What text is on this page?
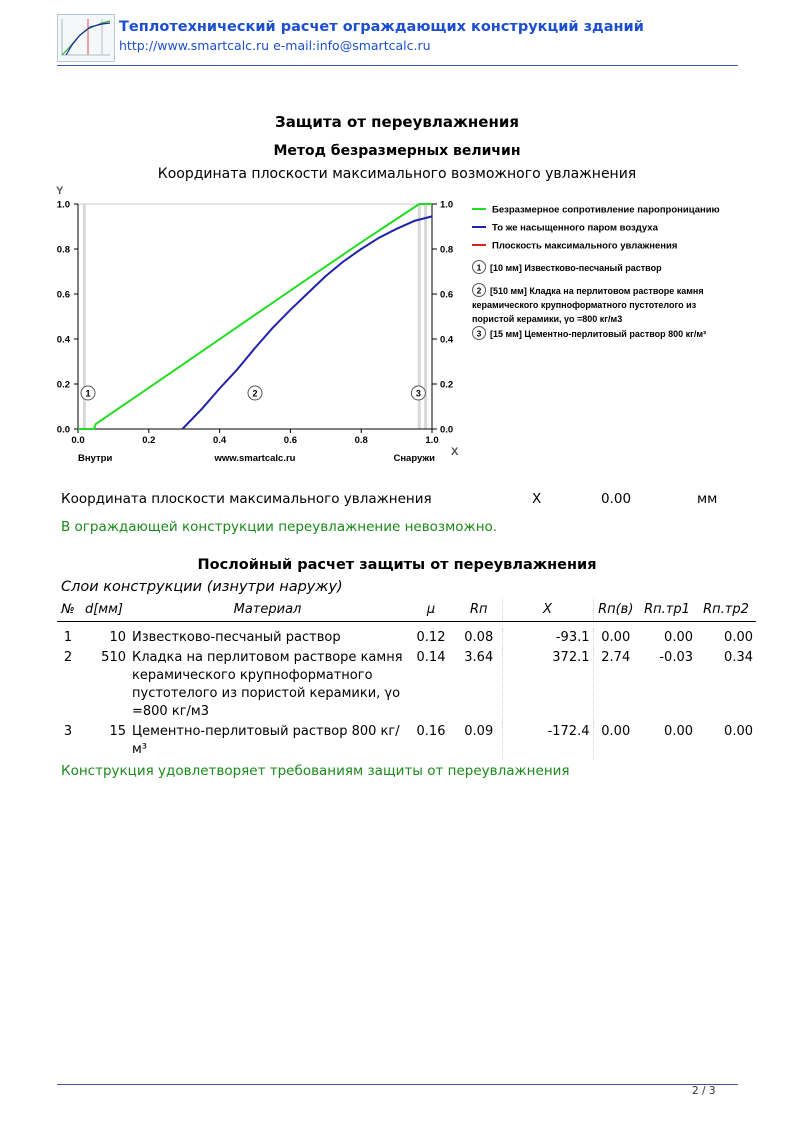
Теплотехнический расчет ограждающих конструкций зданий
http://www.smartcalc.ru e-mail:info@smartcalc.ru
Защита от переувлажнения
Метод безразмерных величин
Координата плоскости максимального возможного увлажнения
0.0	0.0
0.2	0.2
0.4	0.4
0.6	0.6
0.8	0.8
1.0	1.0
0.0	0.2	0.4	0.6	0.8	1.0
Y
X
Внутри	www.smartcalc.ru	Снаружи
1	2	3
Безразмерное сопротивление паропроницанию
То же насыщенного паром воздуха
Плоскость максимального увлажнения
1 [10 мм] Известково-песчаный раствор
2 [510 мм] Кладка на перлитовом растворе камня керамического крупноформатного пустотелого из пористой керамики, γо =800 кг/м3
3 [15 мм] Цементно-перлитовый раствор 800 кг/м³
Координата плоскости максимального увлажнения	X	0.00	мм
В ограждающей конструкции переувлажнение невозможно.
Послойный расчет защиты от переувлажнения
Слои конструкции (изнутри наружу)
№	d[мм]	Материал	μ	Rп	X	Rп(в)	Rп.тр1	Rп.тр2

1	10	Известково-песчаный раствор	0.12	0.08	-93.1	0.00	0.00	0.00
2	510	Кладка на перлитовом растворе камня керамического крупноформатного пустотелого из пористой керамики, γо =800 кг/м3	0.14	3.64	372.1	2.74	-0.03	0.34
3	15	Цементно-перлитовый раствор 800 кг/м³	0.16	0.09	-172.4	0.00	0.00	0.00
Конструкция удовлетворяет требованиям защиты от переувлажнения
2 / 3
